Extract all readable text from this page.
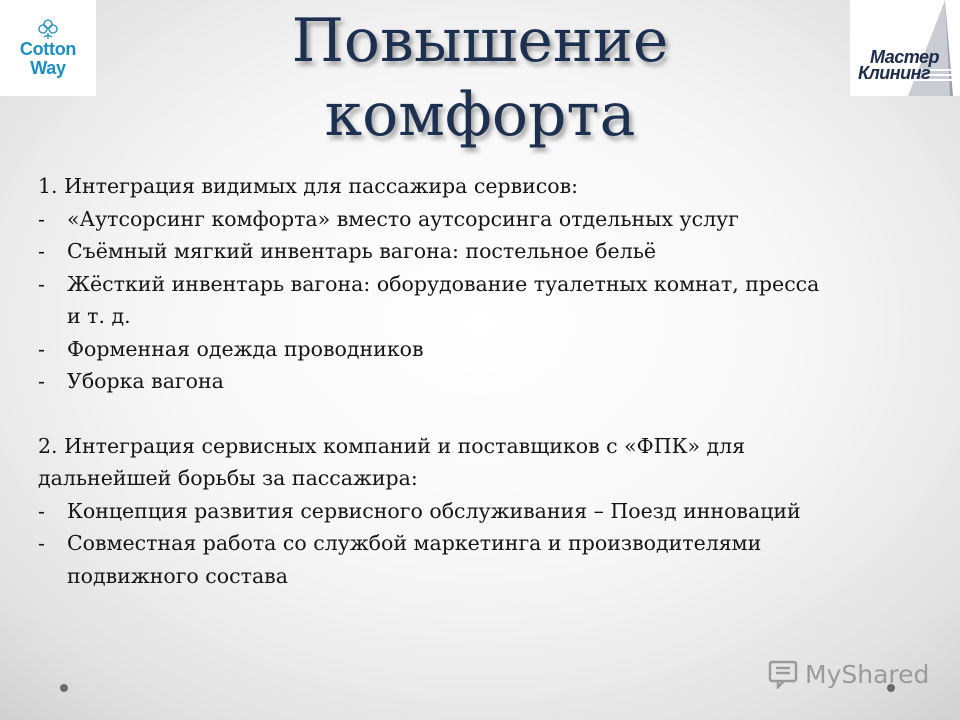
Cotton
Way
Мастер
Клининг
Повышение
комфорта
1. Интеграция видимых для пассажира сервисов:
-	«Аутсорсинг комфорта» вместо аутсорсинга отдельных услуг
-	Съёмный мягкий инвентарь вагона: постельное бельё
-	Жёсткий инвентарь вагона: оборудование туалетных комнат, пресса
и т. д.
-	Форменная одежда проводников
-	Уборка вагона
2. Интеграция сервисных компаний и поставщиков с «ФПК» для
дальнейшей борьбы за пассажира:
-	Концепция развития сервисного обслуживания – Поезд инноваций
-	Совместная работа со службой маркетинга и производителями
подвижного состава
MyShared
